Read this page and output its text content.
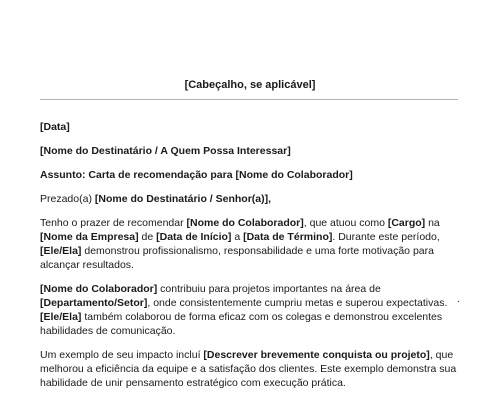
[Cabeçalho, se aplicável]
[Data]
[Nome do Destinatário / A Quem Possa Interessar]
Assunto: Carta de recomendação para [Nome do Colaborador]
Prezado(a) [Nome do Destinatário / Senhor(a)],
Tenho o prazer de recomendar [Nome do Colaborador], que atuou como [Cargo] na
[Nome da Empresa] de [Data de Início] a [Data de Término]. Durante este período,
[Ele/Ela] demonstrou profissionalismo, responsabilidade e uma forte motivação para
alcançar resultados.
[Nome do Colaborador] contribuiu para projetos importantes na área de
[Departamento/Setor], onde consistentemente cumpriu metas e superou expectativas.
[Ele/Ela] também colaborou de forma eficaz com os colegas e demonstrou excelentes
habilidades de comunicação.
.
Um exemplo de seu impacto incluí [Descrever brevemente conquista ou projeto], que
melhorou a eficiência da equipe e a satisfação dos clientes. Este exemplo demonstra sua
habilidade de unir pensamento estratégico com execução prática.
